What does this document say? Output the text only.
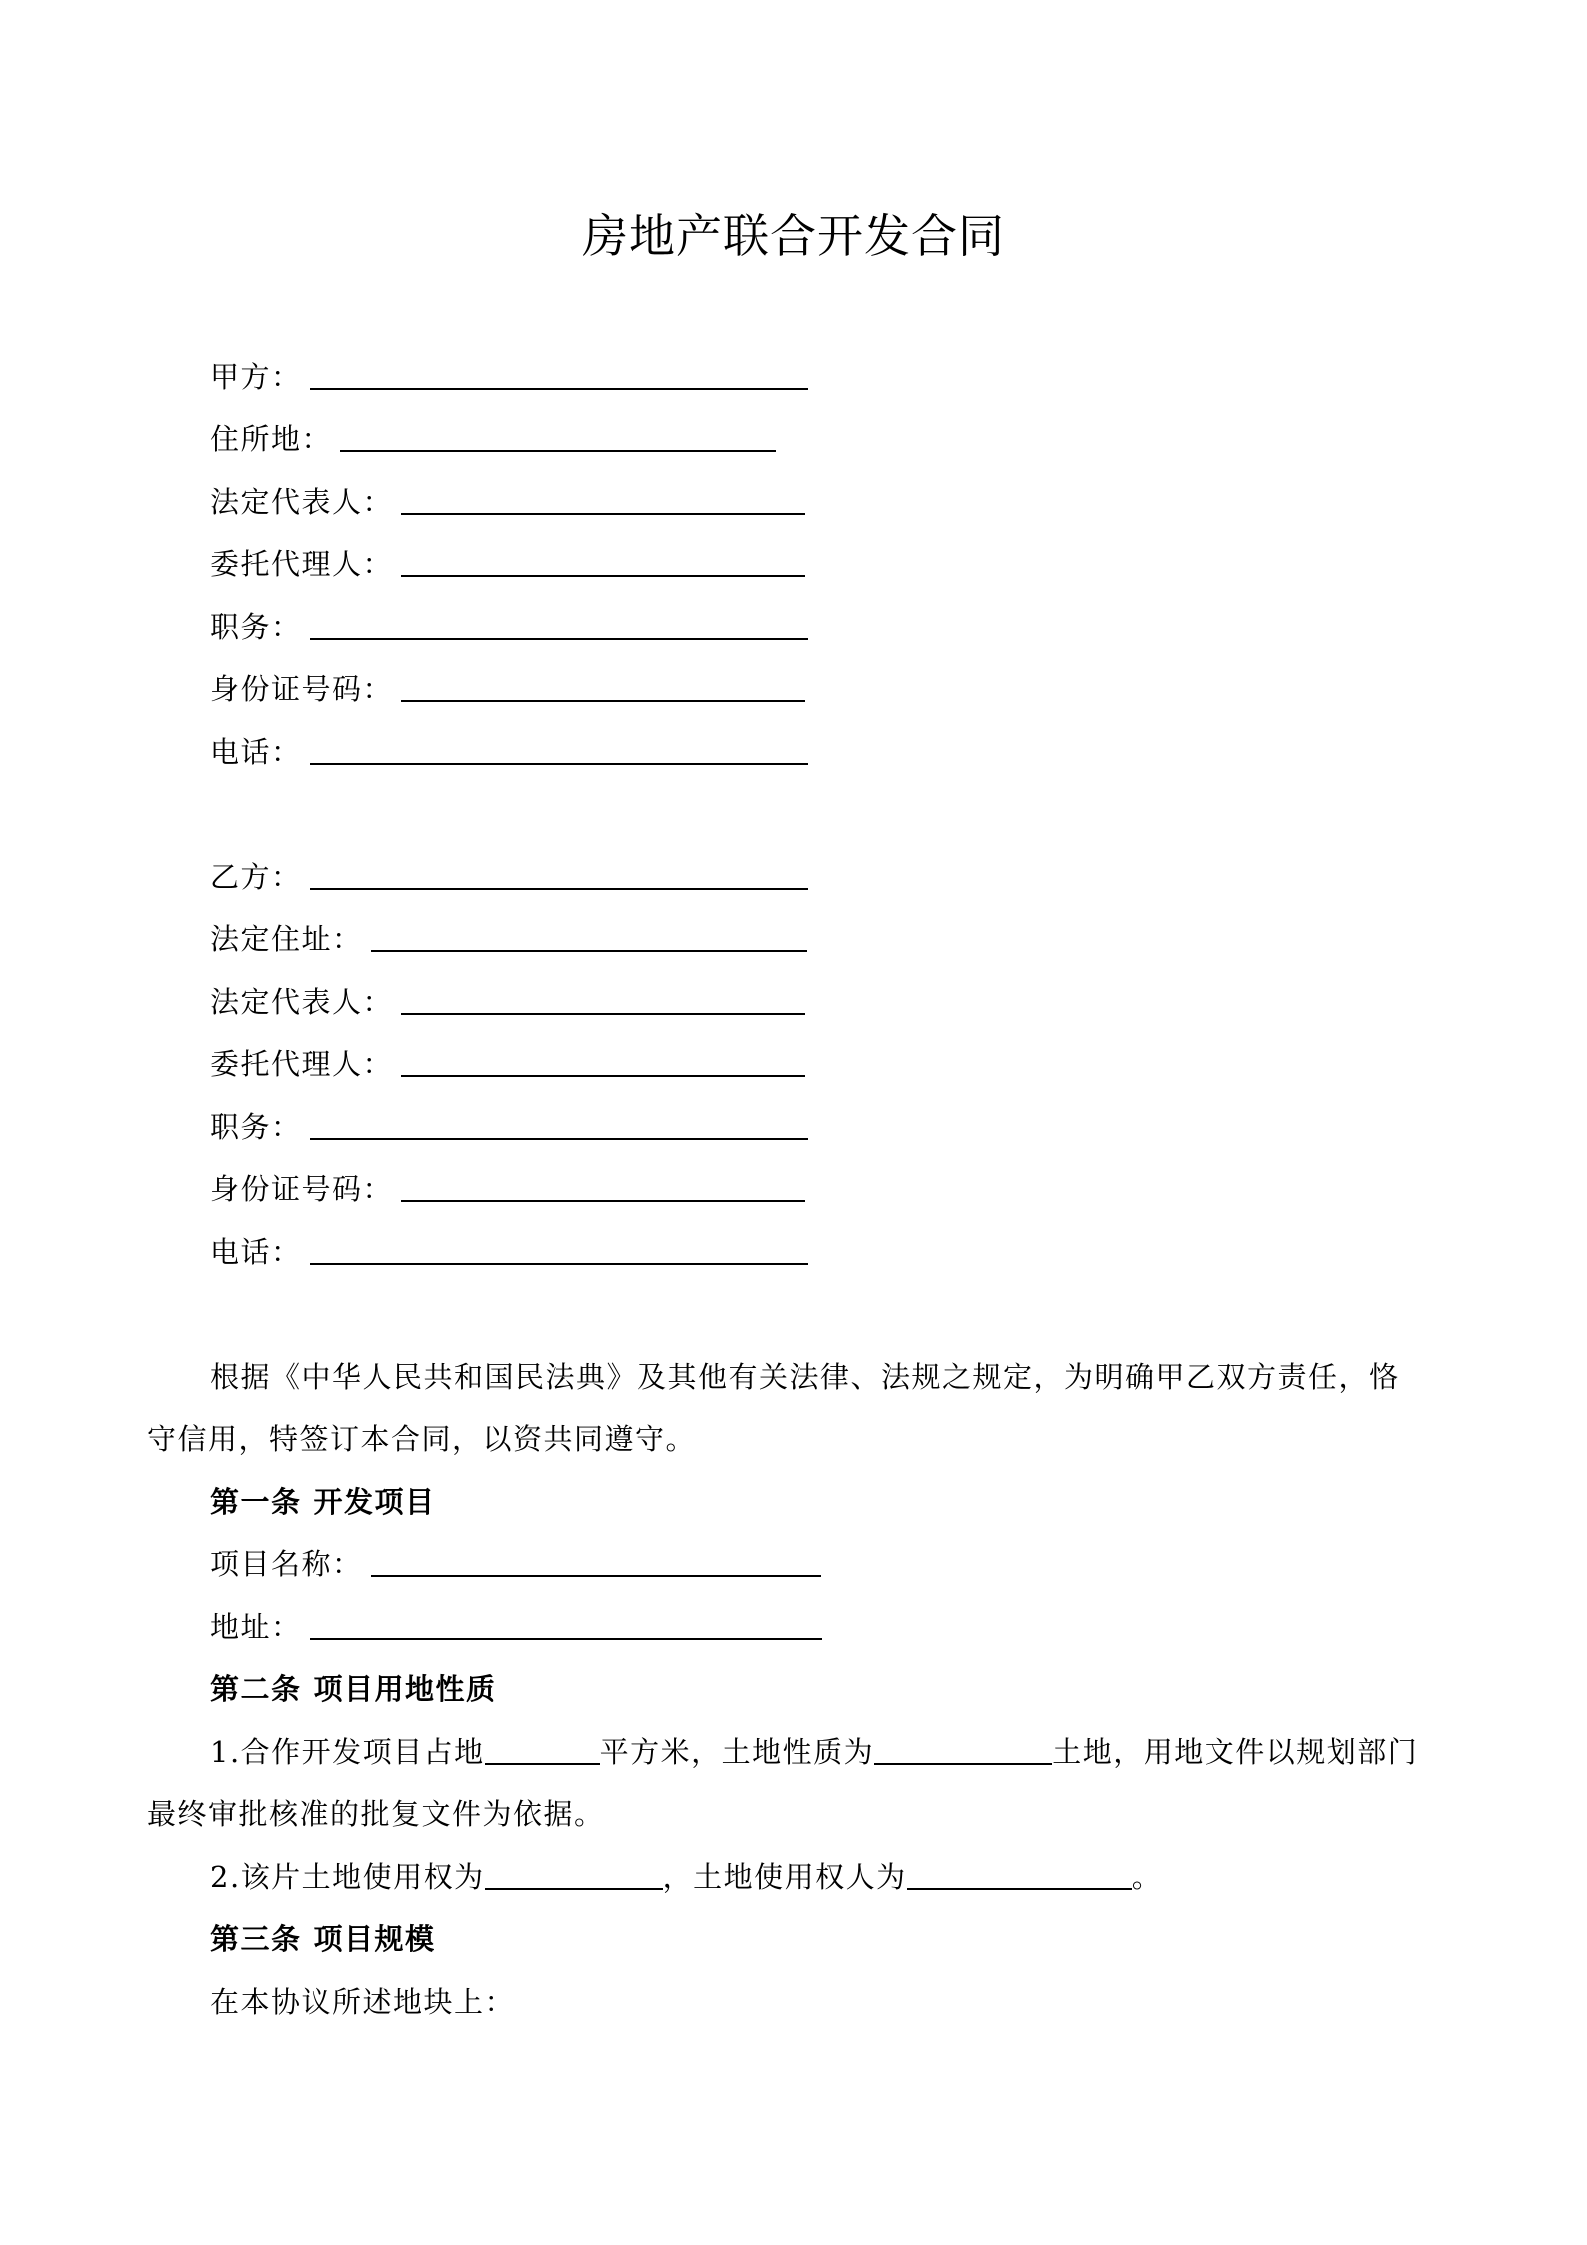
房地产联合开发合同
甲方：
住所地：
法定代表人：
委托代理人：
职务：
身份证号码：
电话：
乙方：
法定住址：
法定代表人：
委托代理人：
职务：
身份证号码：
电话：
根据《中华人民共和国民法典》及其他有关法律、法规之规定，为明确甲乙双方责任，恪
守信用，特签订本合同，以资共同遵守。
第一条 开发项目
项目名称：
地址：
第二条 项目用地性质
1.合作开发项目占地	平方米，土地性质为	土地，用地文件以规划部门
最终审批核准的批复文件为依据。
2.该片土地使用权为	，土地使用权人为	。
第三条 项目规模
在本协议所述地块上：
